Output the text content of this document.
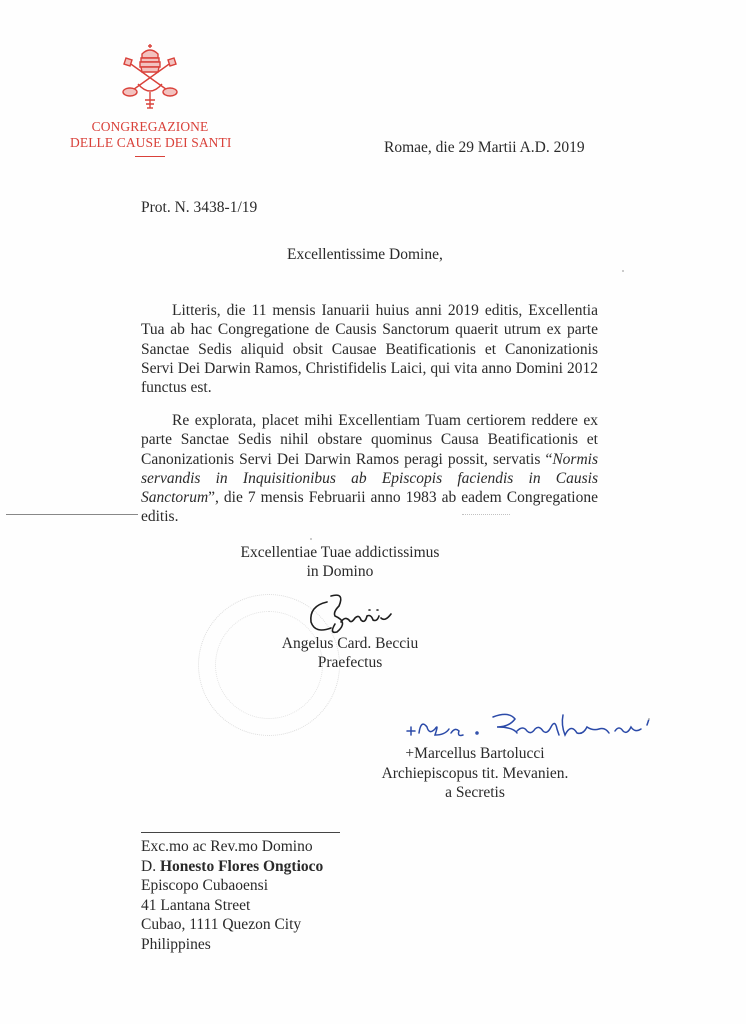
CONGREGAZIONE
DELLE CAUSE DEI SANTI	Romae, die 29 Martii A.D. 2019
Prot. N. 3438-1/19
Excellentissime Domine,
Litteris, die 11 mensis Ianuarii huius anni 2019 editis, Excellentia Tua ab hac Congregatione de Causis Sanctorum quaerit utrum ex parte Sanctae Sedis aliquid obsit Causae Beatificationis et Canonizationis Servi Dei Darwin Ramos, Christifidelis Laici, qui vita anno Domini 2012 functus est.
Re explorata, placet mihi Excellentiam Tuam certiorem reddere ex parte Sanctae Sedis nihil obstare quominus Causa Beatificationis et Canonizationis Servi Dei Darwin Ramos peragi possit, servatis “Normis servandis in Inquisitionibus ab Episcopis faciendis in Causis Sanctorum”, die 7 mensis Februarii anno 1983 ab eadem Congregatione editis.
Excellentiae Tuae addictissimus
in Domino
Angelus Card. Becciu
Praefectus
+Marcellus Bartolucci
Archiepiscopus tit. Mevanien.
a Secretis
Exc.mo ac Rev.mo Domino
D. Honesto Flores Ongtioco
Episcopo Cubaoensi
41 Lantana Street
Cubao, 1111 Quezon City
Philippines
